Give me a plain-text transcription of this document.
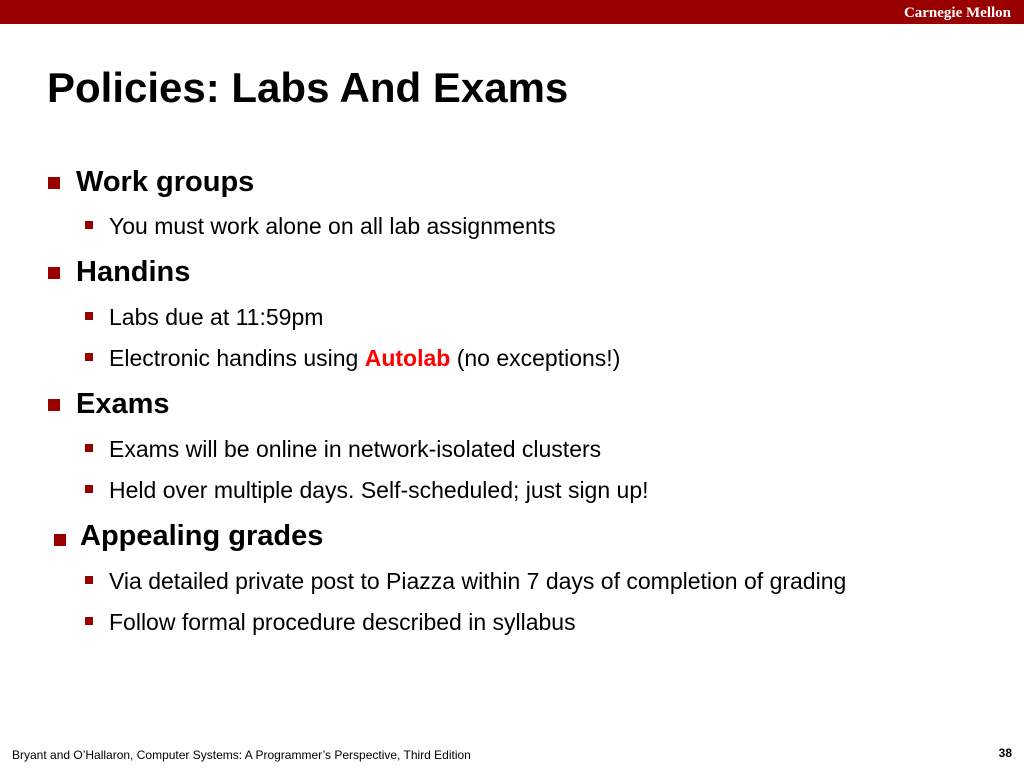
Carnegie Mellon
Policies: Labs And Exams
Work groups
You must work alone on all lab assignments
Handins
Labs due at 11:59pm
Electronic handins using Autolab (no exceptions!)
Exams
Exams will be online in network-isolated clusters
Held over multiple days. Self-scheduled; just sign up!
Appealing grades
Via detailed private post to Piazza within 7 days of completion of grading
Follow formal procedure described in syllabus
Bryant and O’Hallaron, Computer Systems: A Programmer’s Perspective, Third Edition	38
